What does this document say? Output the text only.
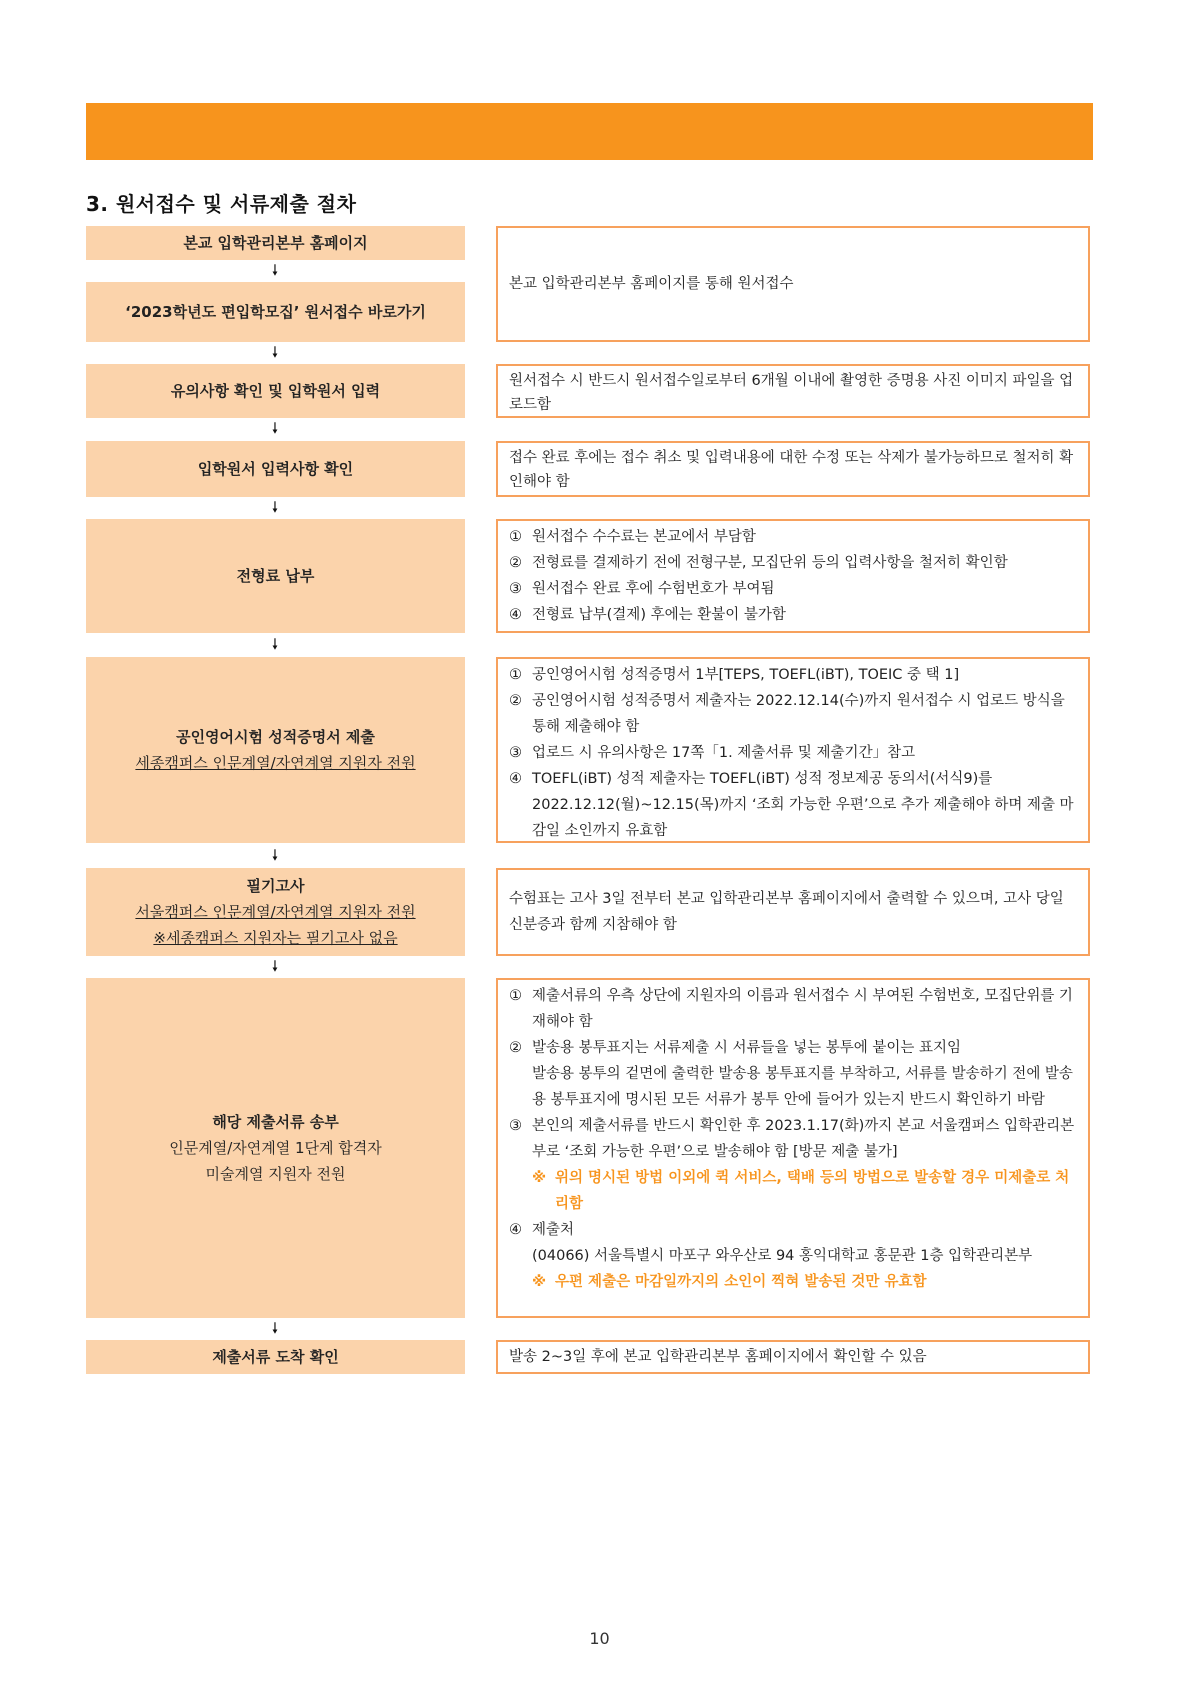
3. 원서접수 및 서류제출 절차
본교 입학관리본부 홈페이지
🠗
‘2023학년도 편입학모집’ 원서접수 바로가기
본교 입학관리본부 홈페이지를 통해 원서접수
🠗
유의사항 확인 및 입학원서 입력
원서접수 시 반드시 원서접수일로부터 6개월 이내에 촬영한 증명용 사진 이미지 파일을 업로드함
🠗
입학원서 입력사항 확인
접수 완료 후에는 접수 취소 및 입력내용에 대한 수정 또는 삭제가 불가능하므로 철저히 확인해야 함
🠗
전형료 납부
① 원서접수 수수료는 본교에서 부담함
② 전형료를 결제하기 전에 전형구분, 모집단위 등의 입력사항을 철저히 확인함
③ 원서접수 완료 후에 수험번호가 부여됨
④ 전형료 납부(결제) 후에는 환불이 불가함
🠗
공인영어시험 성적증명서 제출
세종캠퍼스 인문계열/자연계열 지원자 전원
① 공인영어시험 성적증명서 1부[TEPS, TOEFL(iBT), TOEIC 중 택 1]
② 공인영어시험 성적증명서 제출자는 2022.12.14(수)까지 원서접수 시 업로드 방식을 통해 제출해야 함
③ 업로드 시 유의사항은 17쪽「1. 제출서류 및 제출기간」참고
④ TOEFL(iBT) 성적 제출자는 TOEFL(iBT) 성적 정보제공 동의서(서식9)를 2022.12.12(월)~12.15(목)까지 ‘조회 가능한 우편’으로 추가 제출해야 하며 제출 마감일 소인까지 유효함
🠗
필기고사
서울캠퍼스 인문계열/자연계열 지원자 전원
※세종캠퍼스 지원자는 필기고사 없음
수험표는 고사 3일 전부터 본교 입학관리본부 홈페이지에서 출력할 수 있으며, 고사 당일 신분증과 함께 지참해야 함
🠗
해당 제출서류 송부
인문계열/자연계열 1단계 합격자
미술계열 지원자 전원
① 제출서류의 우측 상단에 지원자의 이름과 원서접수 시 부여된 수험번호, 모집단위를 기재해야 함
② 발송용 봉투표지는 서류제출 시 서류들을 넣는 봉투에 붙이는 표지임
발송용 봉투의 겉면에 출력한 발송용 봉투표지를 부착하고, 서류를 발송하기 전에 발송용 봉투표지에 명시된 모든 서류가 봉투 안에 들어가 있는지 반드시 확인하기 바람
③ 본인의 제출서류를 반드시 확인한 후 2023.1.17(화)까지 본교 서울캠퍼스 입학관리본부로 ‘조회 가능한 우편’으로 발송해야 함 [방문 제출 불가]
※ 위의 명시된 방법 이외에 퀵 서비스, 택배 등의 방법으로 발송할 경우 미제출로 처리함
④ 제출처
(04066) 서울특별시 마포구 와우산로 94 홍익대학교 홍문관 1층 입학관리본부
※ 우편 제출은 마감일까지의 소인이 찍혀 발송된 것만 유효함
🠗
제출서류 도착 확인	발송 2~3일 후에 본교 입학관리본부 홈페이지에서 확인할 수 있음
10
